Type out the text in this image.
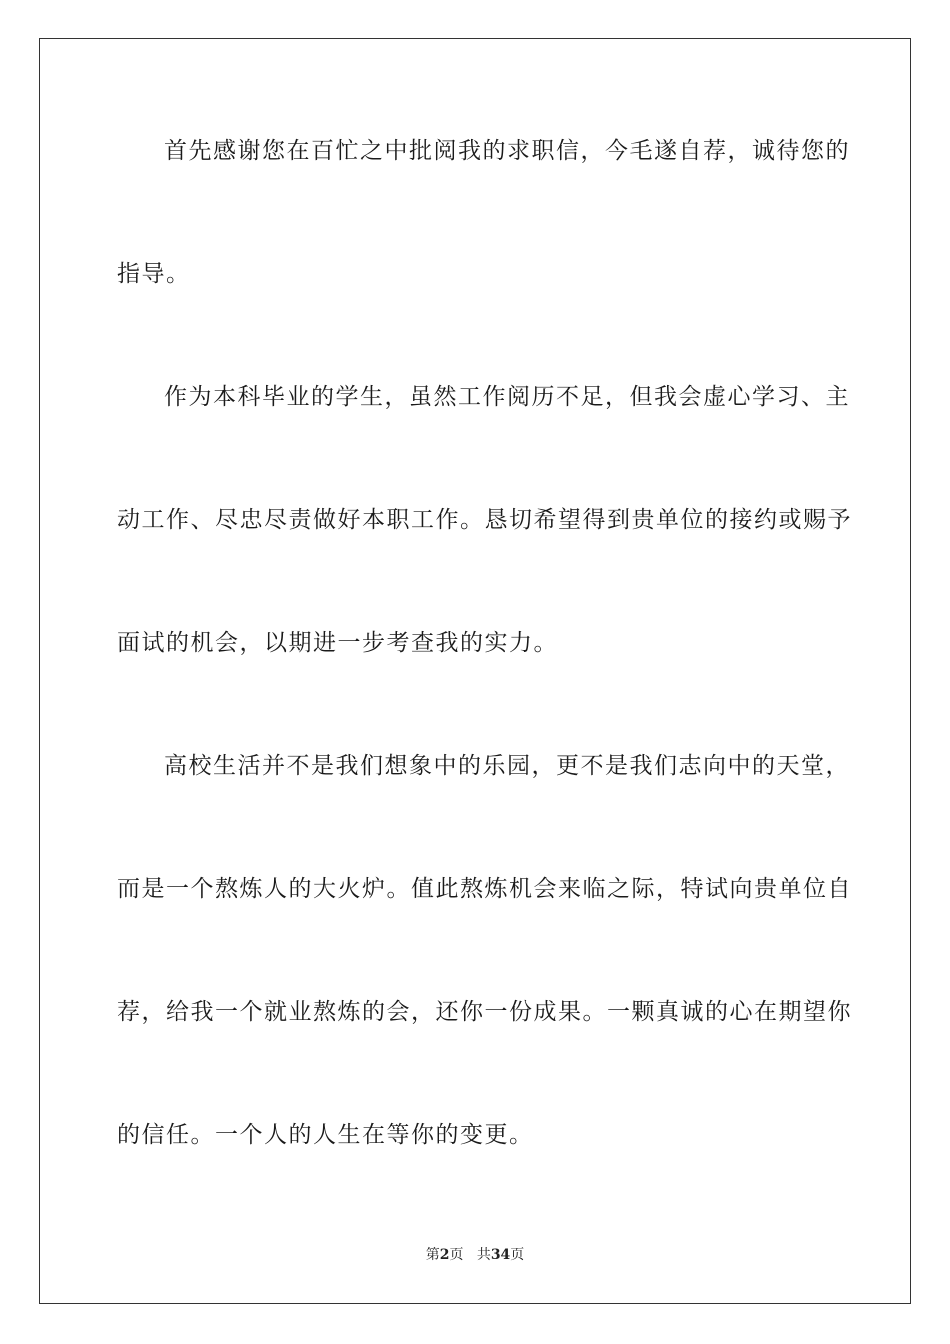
首先感谢您在百忙之中批阅我的求职信，今毛遂自荐，诚待您的
指导。
作为本科毕业的学生，虽然工作阅历不足，但我会虚心学习、主
动工作、尽忠尽责做好本职工作。恳切希望得到贵单位的接约或赐予
面试的机会，以期进一步考查我的实力。
高校生活并不是我们想象中的乐园，更不是我们志向中的天堂，
而是一个熬炼人的大火炉。值此熬炼机会来临之际，特试向贵单位自
荐，给我一个就业熬炼的会，还你一份成果。一颗真诚的心在期望你
的信任。一个人的人生在等你的变更。
第2页 共34页
